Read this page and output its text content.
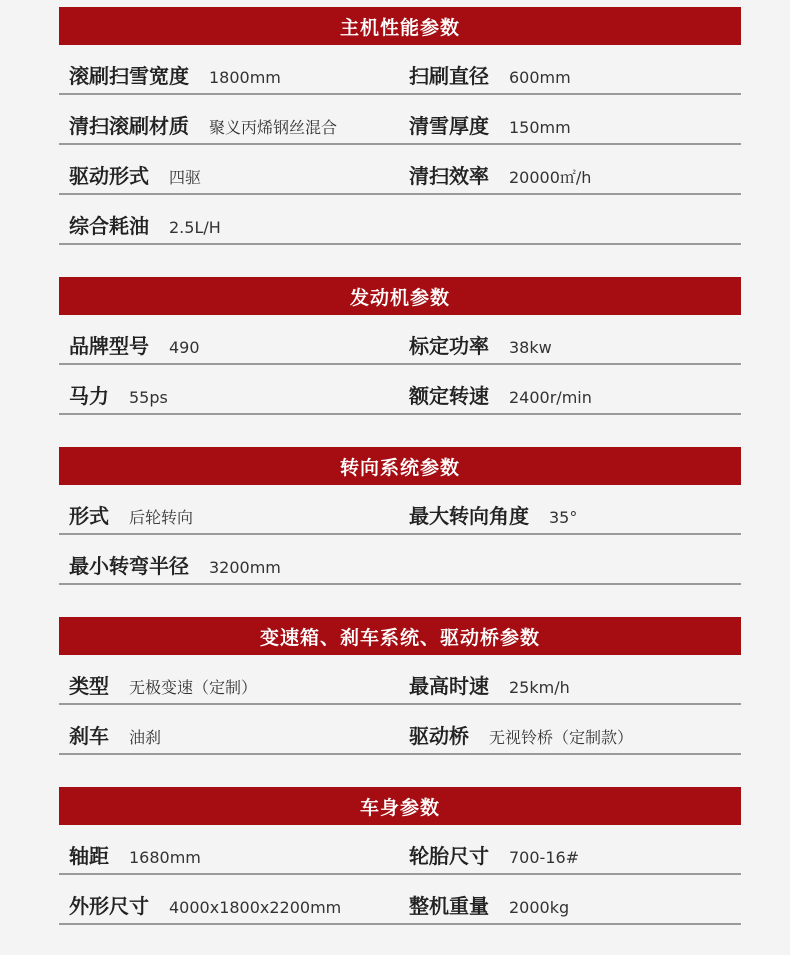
主机性能参数
滚刷扫雪宽度 1800mm	扫刷直径 600mm
清扫滚刷材质 聚义丙烯钢丝混合	清雪厚度 150mm
驱动形式 四驱	清扫效率 20000㎡/h
综合耗油 2.5L/H
发动机参数
品牌型号 490	标定功率 38kw
马力 55ps	额定转速 2400r/min
转向系统参数
形式 后轮转向	最大转向角度 35°
最小转弯半径 3200mm
变速箱、刹车系统、驱动桥参数
类型 无极变速（定制）	最高时速 25km/h
刹车 油刹	驱动桥 无视铃桥（定制款）
车身参数
轴距 1680mm	轮胎尺寸 700-16#
外形尺寸 4000x1800x2200mm	整机重量 2000kg
